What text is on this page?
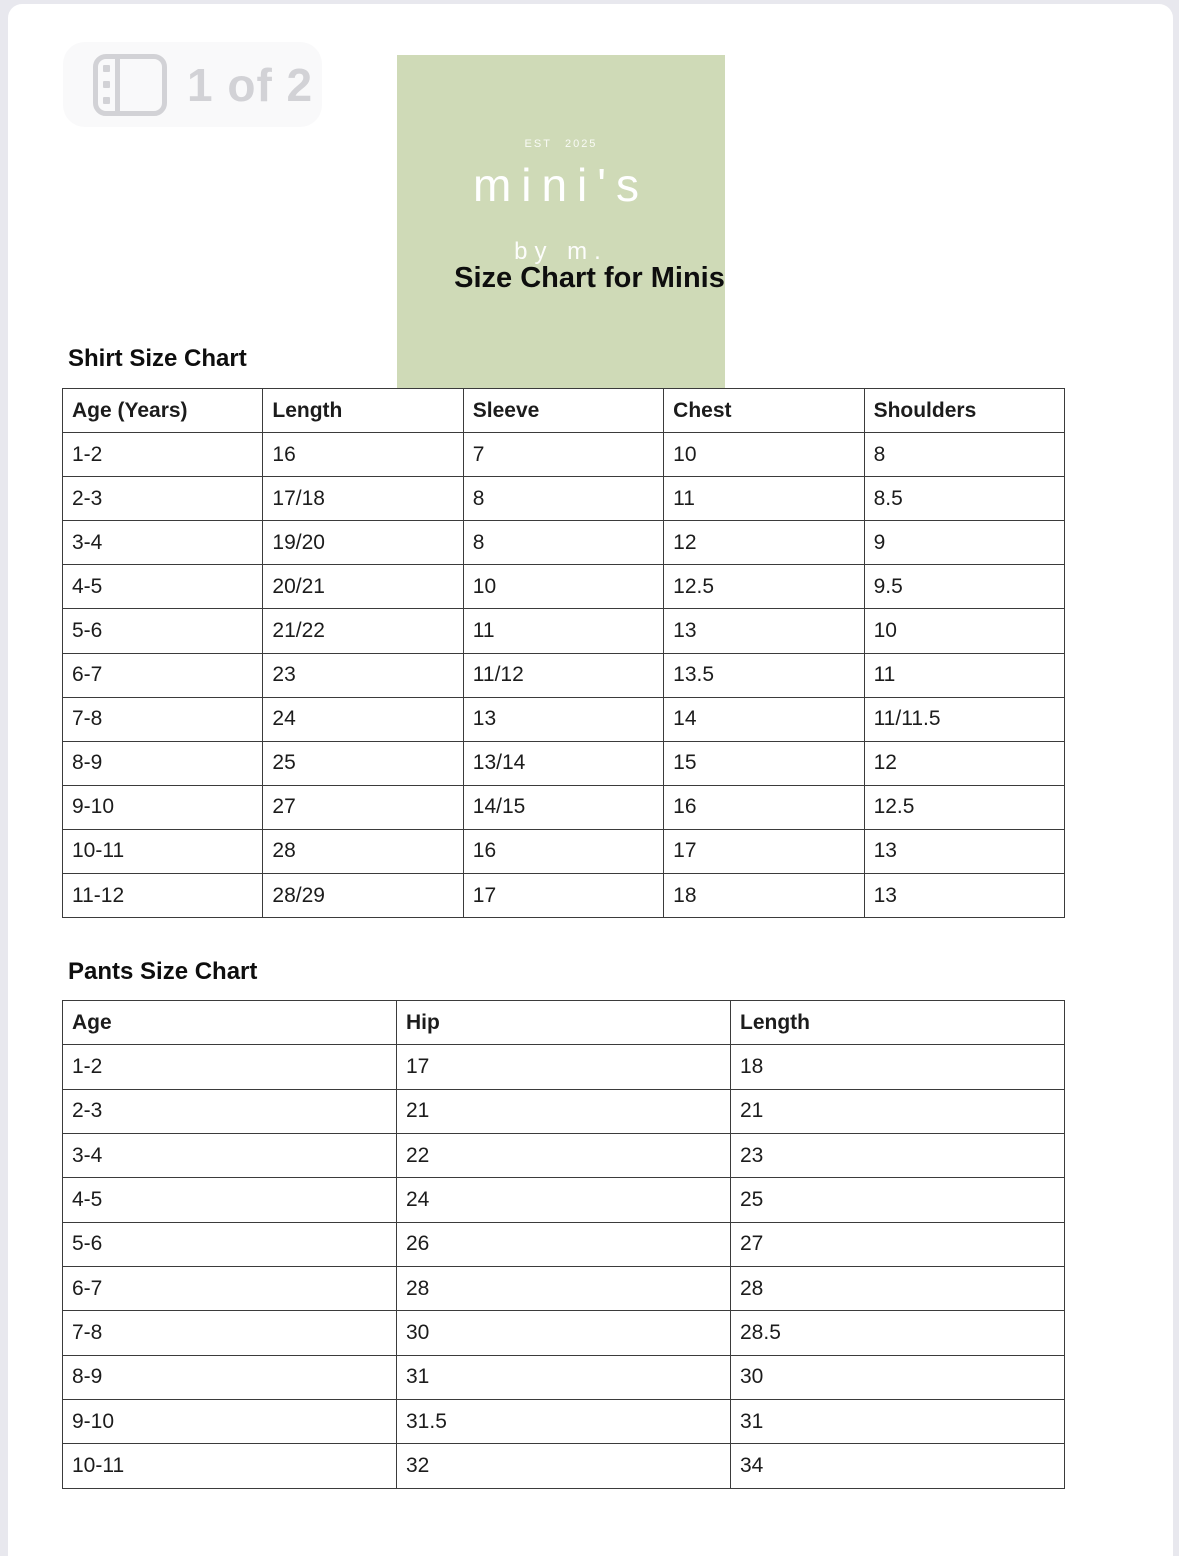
1 of 2
EST 2025
mini's
by m.
Size Chart for Minis
Shirt Size Chart
Age (Years)	Length	Sleeve	Chest	Shoulders
1-2	16	7	10	8
2-3	17/18	8	11	8.5
3-4	19/20	8	12	9
4-5	20/21	10	12.5	9.5
5-6	21/22	11	13	10
6-7	23	11/12	13.5	11
7-8	24	13	14	11/11.5
8-9	25	13/14	15	12
9-10	27	14/15	16	12.5
10-11	28	16	17	13
11-12	28/29	17	18	13
Pants Size Chart
Age	Hip	Length
1-2	17	18
2-3	21	21
3-4	22	23
4-5	24	25
5-6	26	27
6-7	28	28
7-8	30	28.5
8-9	31	30
9-10	31.5	31
10-11	32	34
